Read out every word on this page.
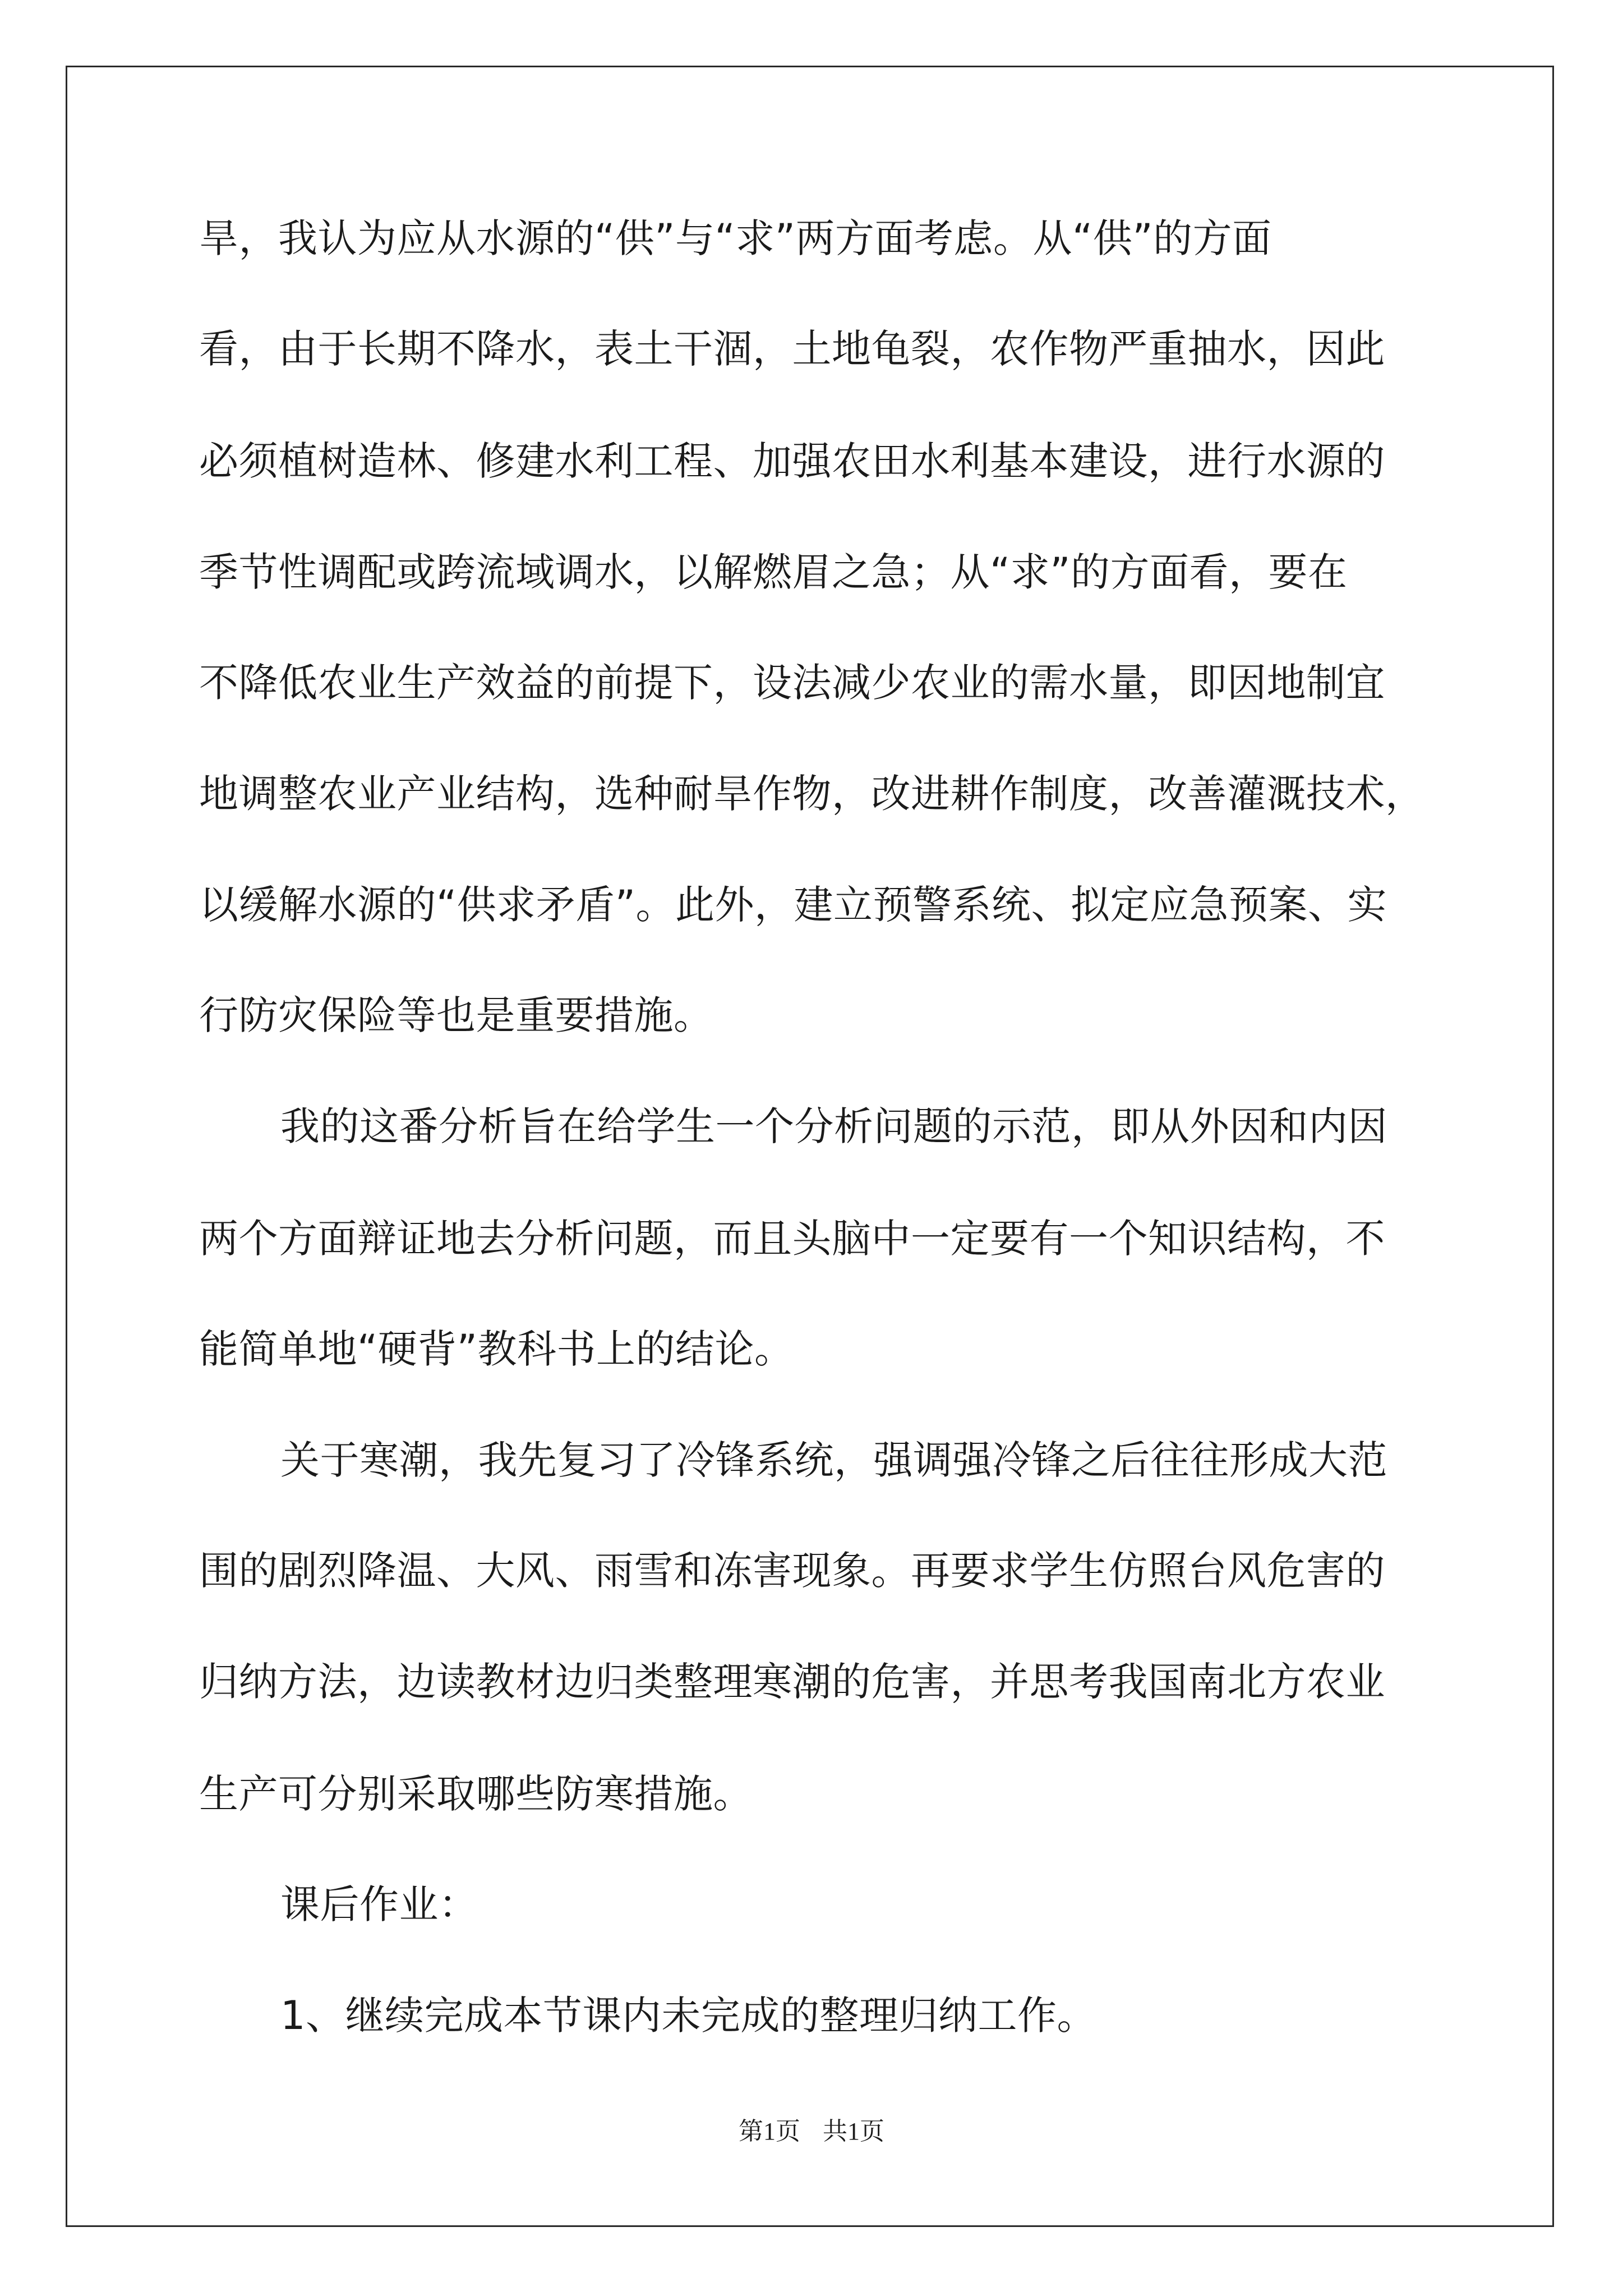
旱，我认为应从水源的“供”与“求”两方面考虑。从“供”的方面
看，由于长期不降水，表土干涸，土地龟裂，农作物严重抽水，因此
必须植树造林、修建水利工程、加强农田水利基本建设，进行水源的
季节性调配或跨流域调水，以解燃眉之急；从“求”的方面看，要在
不降低农业生产效益的前提下，设法减少农业的需水量，即因地制宜
地调整农业产业结构，选种耐旱作物，改进耕作制度，改善灌溉技术，
以缓解水源的“供求矛盾”。此外，建立预警系统、拟定应急预案、实
行防灾保险等也是重要措施。
我的这番分析旨在给学生一个分析问题的示范，即从外因和内因
两个方面辩证地去分析问题，而且头脑中一定要有一个知识结构，不
能简单地“硬背”教科书上的结论。
关于寒潮，我先复习了冷锋系统，强调强冷锋之后往往形成大范
围的剧烈降温、大风、雨雪和冻害现象。再要求学生仿照台风危害的
归纳方法，边读教材边归类整理寒潮的危害，并思考我国南北方农业
生产可分别采取哪些防寒措施。
课后作业：
1、继续完成本节课内未完成的整理归纳工作。
第1页 共1页
